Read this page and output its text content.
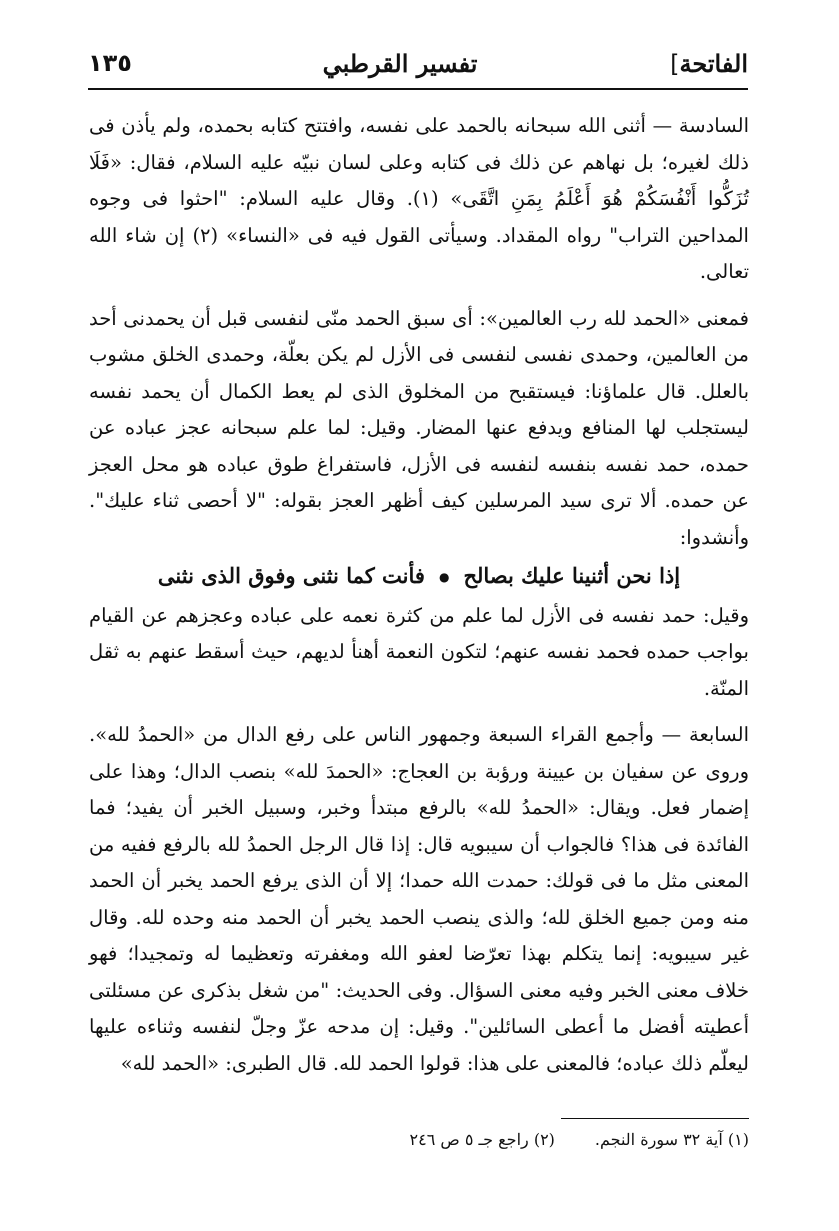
الفاتحة]
تفسير القرطبي
١٣٥

السادسة — أثنى الله سبحانه بالحمد على نفسه، وافتتح كتابه بحمده، ولم يأذن فى ذلك لغيره؛ بل نهاهم عن ذلك فى كتابه وعلى لسان نبيّه عليه السلام، فقال: «فَلَا تُزَكُّوا أَنْفُسَكُمْ هُوَ أَعْلَمُ بِمَنِ اتَّقَى» (١). وقال عليه السلام: "احثوا فى وجوه المداحين التراب" رواه المقداد. وسيأتى القول فيه فى «النساء» (٢) إن شاء الله تعالى.

فمعنى «الحمد لله رب العالمين»: أى سبق الحمد منّى لنفسى قبل أن يحمدنى أحد من العالمين، وحمدى نفسى لنفسى فى الأزل لم يكن بعلّة، وحمدى الخلق مشوب بالعلل. قال علماؤنا: فيستقبح من المخلوق الذى لم يعط الكمال أن يحمد نفسه ليستجلب لها المنافع ويدفع عنها المضار. وقيل: لما علم سبحانه عجز عباده عن حمده، حمد نفسه بنفسه لنفسه فى الأزل، فاستفراغ طوق عباده هو محل العجز عن حمده. ألا ترى سيد المرسلين كيف أظهر العجز بقوله: "لا أحصى ثناء عليك". وأنشدوا:

إذا نحن أثنينا عليك بصالح●فأنت كما نثنى وفوق الذى نثنى

وقيل: حمد نفسه فى الأزل لما علم من كثرة نعمه على عباده وعجزهم عن القيام بواجب حمده فحمد نفسه عنهم؛ لتكون النعمة أهنأ لديهم، حيث أسقط عنهم به ثقل المنّة.

السابعة — وأجمع القراء السبعة وجمهور الناس على رفع الدال من «الحمدُ لله». وروى عن سفيان بن عيينة ورؤبة بن العجاج: «الحمدَ لله» بنصب الدال؛ وهذا على إضمار فعل. ويقال: «الحمدُ لله» بالرفع مبتدأ وخبر، وسبيل الخبر أن يفيد؛ فما الفائدة فى هذا؟ فالجواب أن سيبويه قال: إذا قال الرجل الحمدُ لله بالرفع ففيه من المعنى مثل ما فى قولك: حمدت الله حمدا؛ إلا أن الذى يرفع الحمد يخبر أن الحمد منه ومن جميع الخلق لله؛ والذى ينصب الحمد يخبر أن الحمد منه وحده لله. وقال غير سيبويه: إنما يتكلم بهذا تعرّضا لعفو الله ومغفرته وتعظيما له وتمجيدا؛ فهو خلاف معنى الخبر وفيه معنى السؤال. وفى الحديث: "من شغل بذكرى عن مسئلتى أعطيته أفضل ما أعطى السائلين". وقيل: إن مدحه عزّ وجلّ لنفسه وثناءه عليها ليعلّم ذلك عباده؛ فالمعنى على هذا: قولوا الحمد لله. قال الطبرى: «الحمد لله»

(١) آية ٣٢ سورة النجم.
(٢) راجع جـ ٥ ص ٢٤٦
